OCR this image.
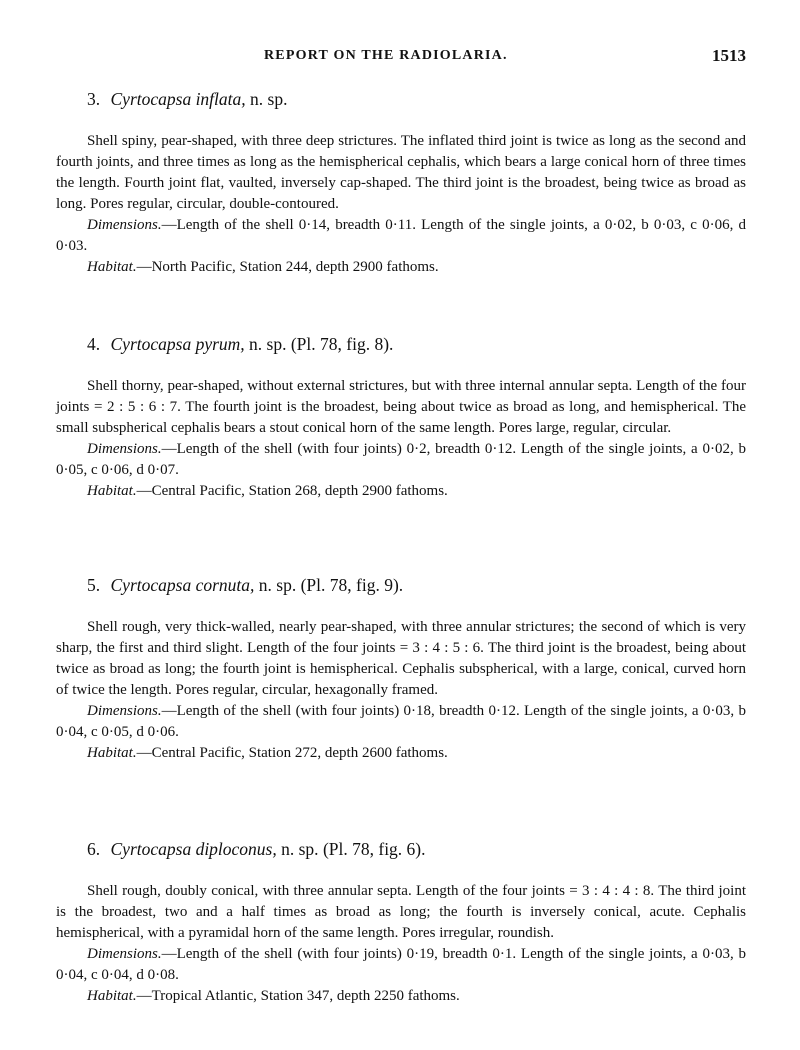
REPORT ON THE RADIOLARIA.	1513
3. Cyrtocapsa inflata, n. sp.
Shell spiny, pear-shaped, with three deep strictures. The inflated third joint is twice as long as the second and fourth joints, and three times as long as the hemispherical cephalis, which bears a large conical horn of three times the length. Fourth joint flat, vaulted, inversely cap-shaped. The third joint is the broadest, being twice as broad as long. Pores regular, circular, double-contoured.
Dimensions.—Length of the shell 0·14, breadth 0·11. Length of the single joints, a 0·02, b 0·03, c 0·06, d 0·03.
Habitat.—North Pacific, Station 244, depth 2900 fathoms.
4. Cyrtocapsa pyrum, n. sp. (Pl. 78, fig. 8).
Shell thorny, pear-shaped, without external strictures, but with three internal annular septa. Length of the four joints = 2 : 5 : 6 : 7. The fourth joint is the broadest, being about twice as broad as long, and hemispherical. The small subspherical cephalis bears a stout conical horn of the same length. Pores large, regular, circular.
Dimensions.—Length of the shell (with four joints) 0·2, breadth 0·12. Length of the single joints, a 0·02, b 0·05, c 0·06, d 0·07.
Habitat.—Central Pacific, Station 268, depth 2900 fathoms.
5. Cyrtocapsa cornuta, n. sp. (Pl. 78, fig. 9).
Shell rough, very thick-walled, nearly pear-shaped, with three annular strictures; the second of which is very sharp, the first and third slight. Length of the four joints = 3 : 4 : 5 : 6. The third joint is the broadest, being about twice as broad as long; the fourth joint is hemispherical. Cephalis subspherical, with a large, conical, curved horn of twice the length. Pores regular, circular, hexagonally framed.
Dimensions.—Length of the shell (with four joints) 0·18, breadth 0·12. Length of the single joints, a 0·03, b 0·04, c 0·05, d 0·06.
Habitat.—Central Pacific, Station 272, depth 2600 fathoms.
6. Cyrtocapsa diploconus, n. sp. (Pl. 78, fig. 6).
Shell rough, doubly conical, with three annular septa. Length of the four joints = 3 : 4 : 4 : 8. The third joint is the broadest, two and a half times as broad as long; the fourth is inversely conical, acute. Cephalis hemispherical, with a pyramidal horn of the same length. Pores irregular, roundish.
Dimensions.—Length of the shell (with four joints) 0·19, breadth 0·1. Length of the single joints, a 0·03, b 0·04, c 0·04, d 0·08.
Habitat.—Tropical Atlantic, Station 347, depth 2250 fathoms.
